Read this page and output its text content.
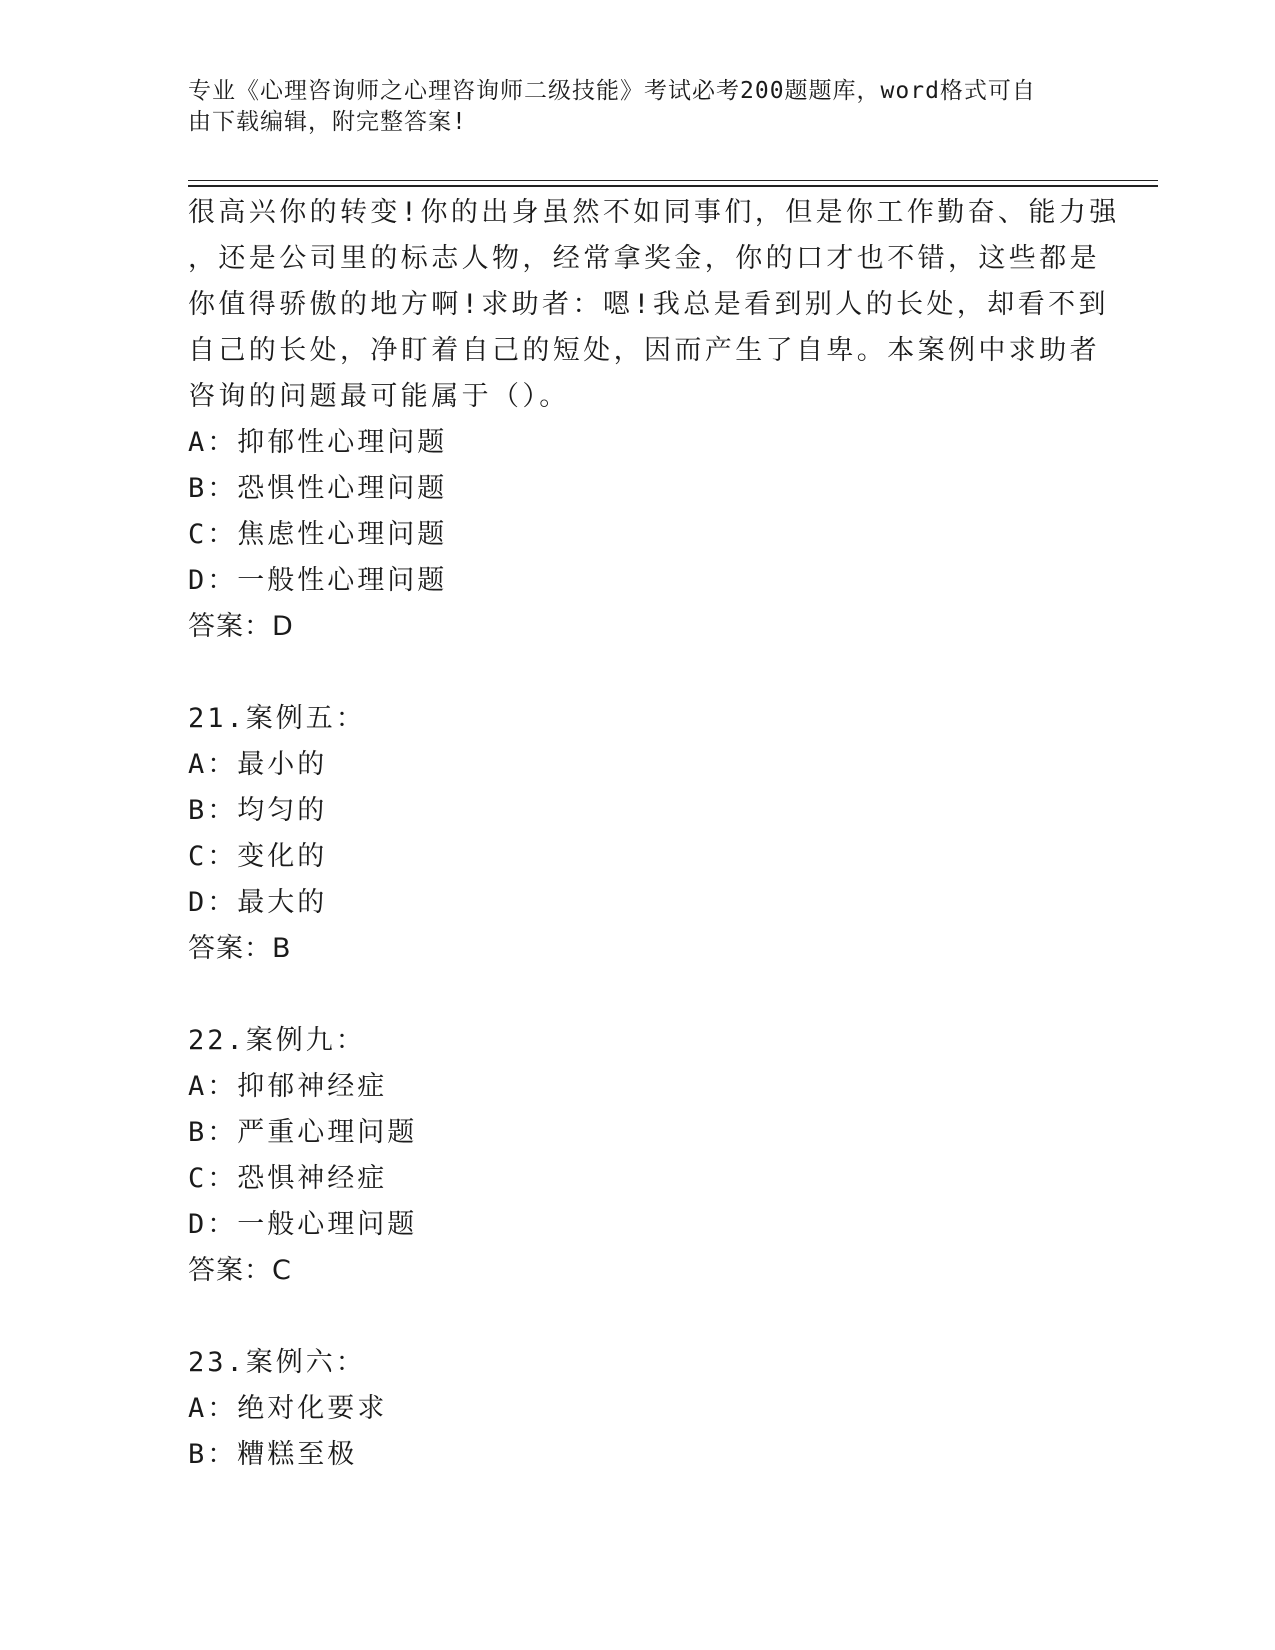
专业《心理咨询师之心理咨询师二级技能》考试必考200题题库，word格式可自
由下载编辑，附完整答案!
很高兴你的转变!你的出身虽然不如同事们，但是你工作勤奋、能力强
，还是公司里的标志人物，经常拿奖金，你的口才也不错，这些都是
你值得骄傲的地方啊!求助者：嗯!我总是看到别人的长处，却看不到
自己的长处，净盯着自己的短处，因而产生了自卑。本案例中求助者
咨询的问题最可能属于（）。
A：抑郁性心理问题
B：恐惧性心理问题
C：焦虑性心理问题
D：一般性心理问题
答案：D
21.案例五：
A：最小的
B：均匀的
C：变化的
D：最大的
答案：B
22.案例九：
A：抑郁神经症
B：严重心理问题
C：恐惧神经症
D：一般心理问题
答案：C
23.案例六：
A：绝对化要求
B：糟糕至极
